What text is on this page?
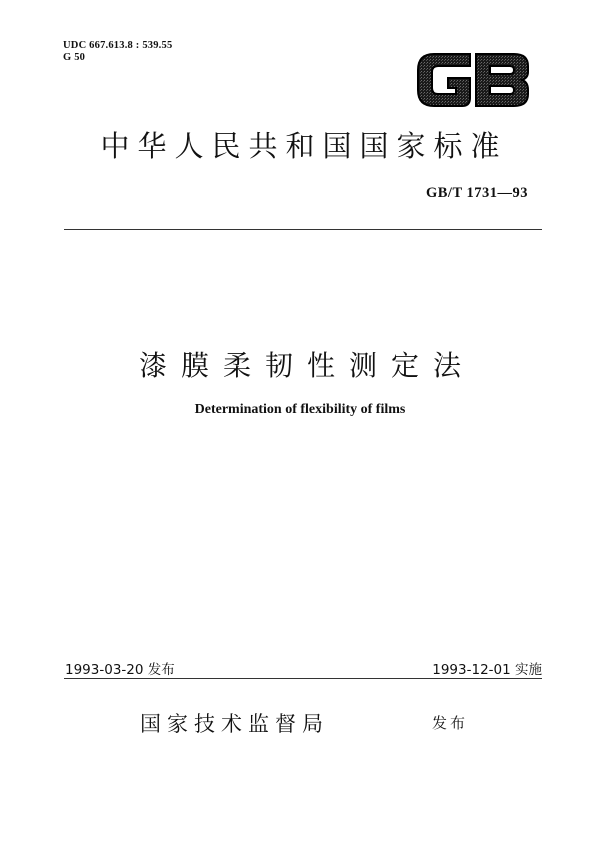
UDC 667.613.8 : 539.55
G 50
中华人民共和国国家标准
GB/T 1731—93
漆膜柔韧性测定法
Determination of flexibility of films
1993-03-20 发布	1993-12-01 实施
国家技术监督局	发布
